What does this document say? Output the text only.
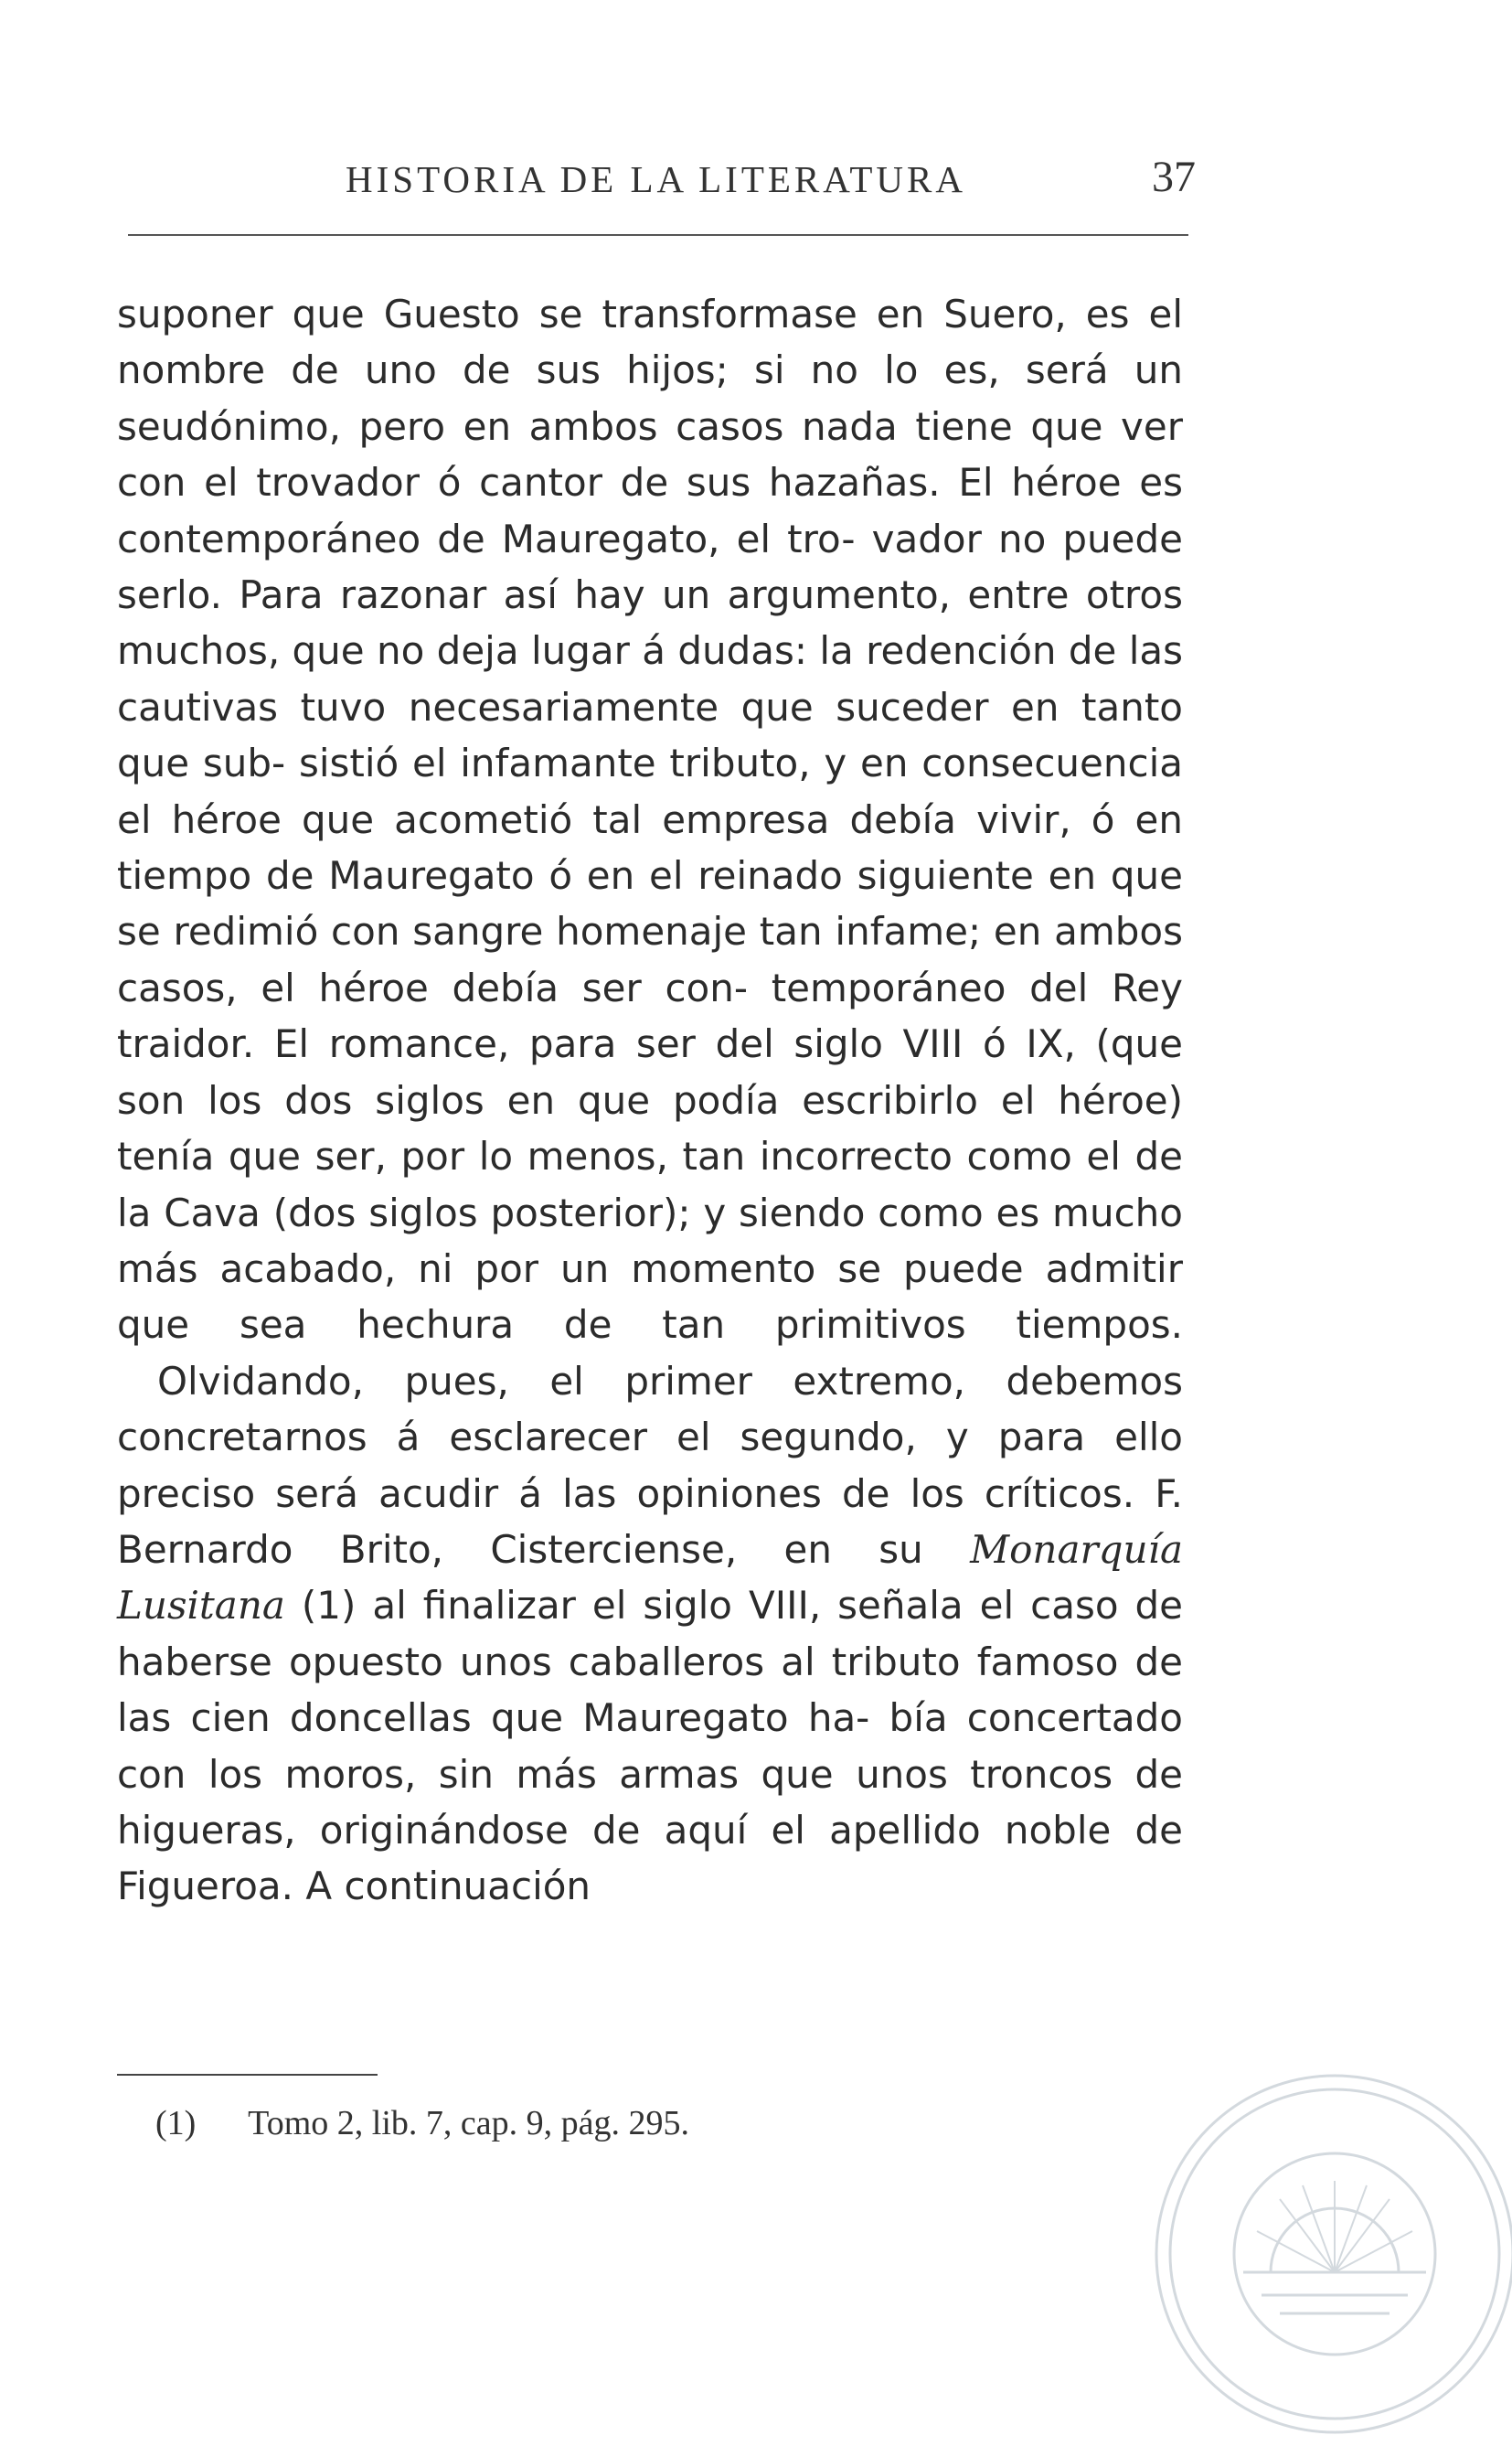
HISTORIA DE LA LITERATURA	37

suponer que Guesto se transformase en Suero, es el nombre de uno de sus hijos; si no lo es, será un seudónimo, pero en ambos casos nada tiene que ver con el trovador ó cantor de sus hazañas. El héroe es contemporáneo de Mauregato, el tro- vador no puede serlo. Para razonar así hay un argumento, entre otros muchos, que no deja lugar á dudas: la redención de las cautivas tuvo necesariamente que suceder en tanto que sub- sistió el infamante tributo, y en consecuencia el héroe que acometió tal empresa debía vivir, ó en tiempo de Mauregato ó en el reinado siguiente en que se redimió con sangre homenaje tan infame; en ambos casos, el héroe debía ser con- temporáneo del Rey traidor. El romance, para ser del siglo VIII ó IX, (que son los dos siglos en que podía escribirlo el héroe) tenía que ser, por lo menos, tan incorrecto como el de la Cava (dos siglos posterior); y siendo como es mucho más acabado, ni por un momento se puede admitir que sea hechura de tan primitivos tiempos.

Olvidando, pues, el primer extremo, debemos concretarnos á esclarecer el segundo, y para ello preciso será acudir á las opiniones de los críticos. F. Bernardo Brito, Cisterciense, en su Monarquía Lusitana (1) al finalizar el siglo VIII, señala el caso de haberse opuesto unos caballeros al tributo famoso de las cien doncellas que Mauregato ha- bía concertado con los moros, sin más armas que unos troncos de higueras, originándose de aquí el apellido noble de Figueroa. A continuación

(1) Tomo 2, lib. 7, cap. 9, pág. 295.
